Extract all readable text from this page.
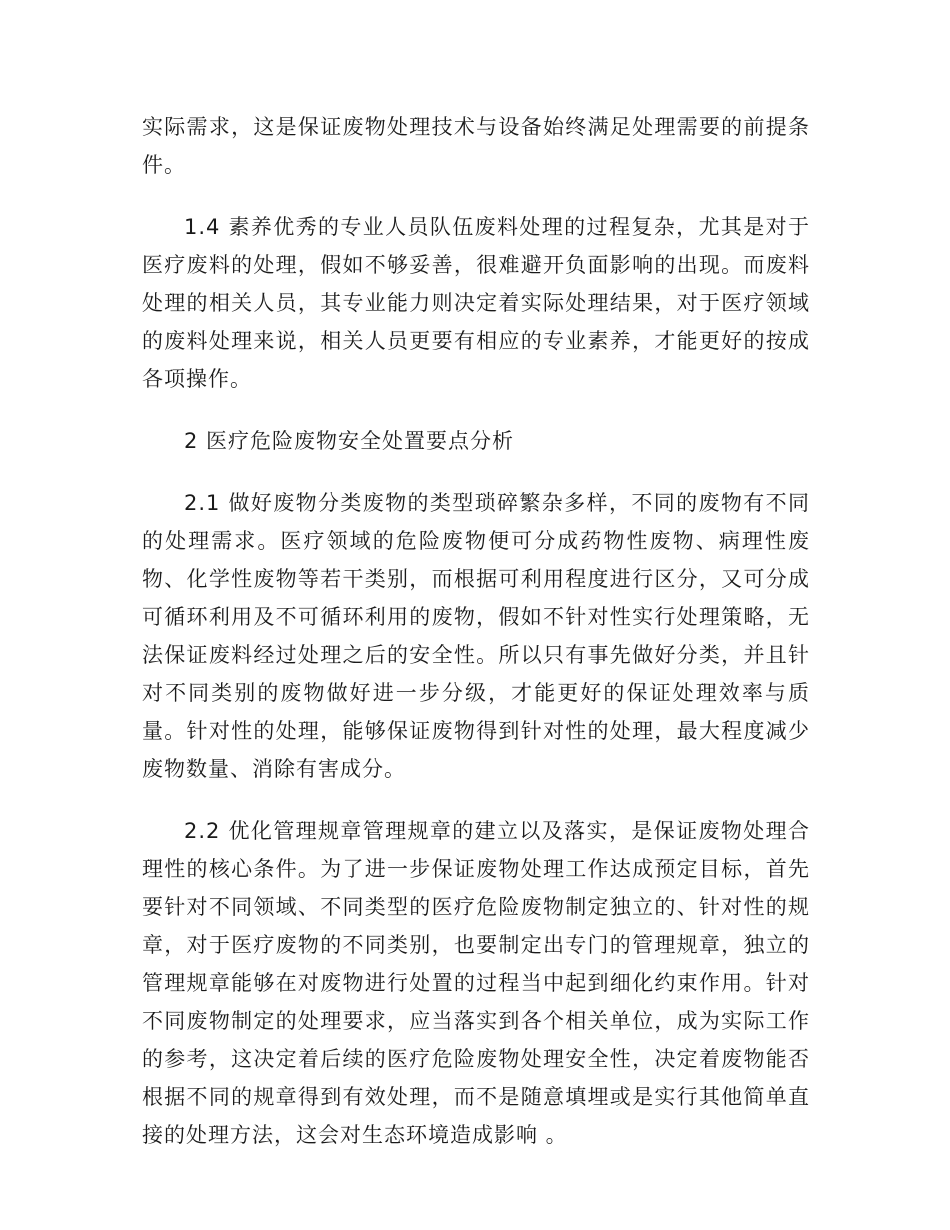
实际需求，这是保证废物处理技术与设备始终满足处理需要的前提条
件。
1.4 素养优秀的专业人员队伍废料处理的过程复杂，尤其是对于
医疗废料的处理，假如不够妥善，很难避开负面影响的出现。而废料
处理的相关人员，其专业能力则决定着实际处理结果，对于医疗领域
的废料处理来说，相关人员更要有相应的专业素养，才能更好的按成
各项操作。
2 医疗危险废物安全处置要点分析
2.1 做好废物分类废物的类型琐碎繁杂多样，不同的废物有不同
的处理需求。医疗领域的危险废物便可分成药物性废物、病理性废
物、化学性废物等若干类别，而根据可利用程度进行区分，又可分成
可循环利用及不可循环利用的废物，假如不针对性实行处理策略，无
法保证废料经过处理之后的安全性。所以只有事先做好分类，并且针
对不同类别的废物做好进一步分级，才能更好的保证处理效率与质
量。针对性的处理，能够保证废物得到针对性的处理，最大程度减少
废物数量、消除有害成分。
2.2 优化管理规章管理规章的建立以及落实，是保证废物处理合
理性的核心条件。为了进一步保证废物处理工作达成预定目标，首先
要针对不同领域、不同类型的医疗危险废物制定独立的、针对性的规
章，对于医疗废物的不同类别，也要制定出专门的管理规章，独立的
管理规章能够在对废物进行处置的过程当中起到细化约束作用。针对
不同废物制定的处理要求，应当落实到各个相关单位，成为实际工作
的参考，这决定着后续的医疗危险废物处理安全性，决定着废物能否
根据不同的规章得到有效处理，而不是随意填埋或是实行其他简单直
接的处理方法，这会对生态环境造成影响 。
